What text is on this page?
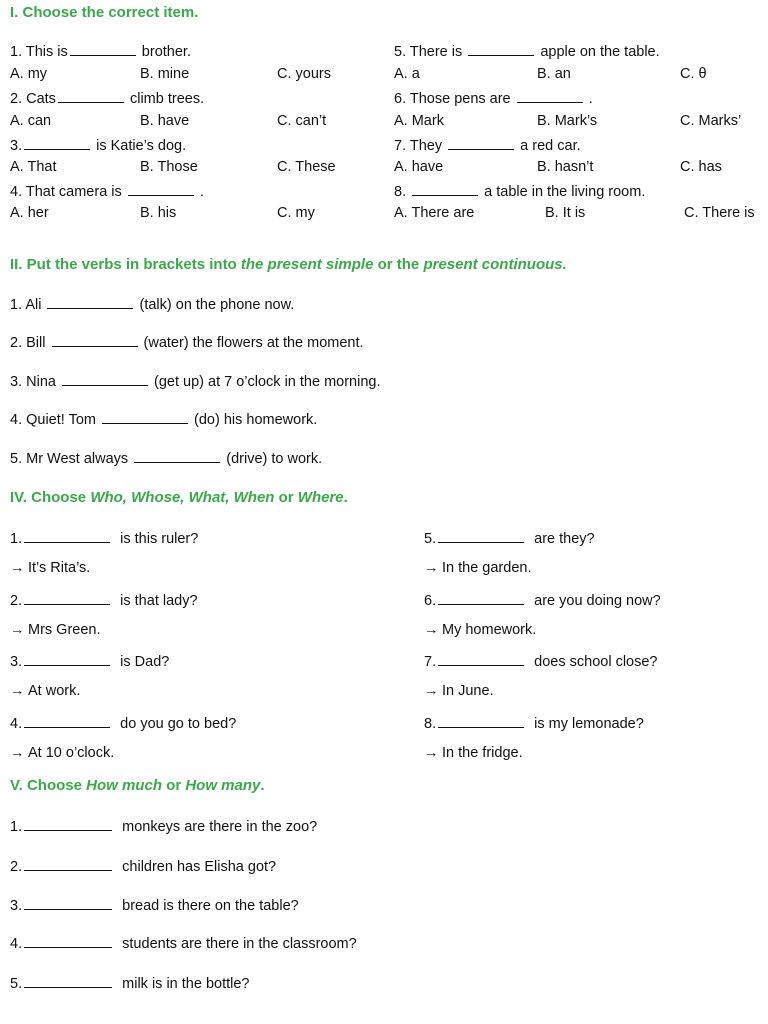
I. Choose the correct item.
1. This is	brother.
A. my	B. mine	C. yours
2. Cats	climb trees.
A. can	B. have	C. can’t
3.	is Katie’s dog.
A. That	B. Those	C. These
4. That camera is	.
A. her	B. his	C. my
5. There is	apple on the table.
A. a	B. an	C. θ
6. Those pens are	.
A. Mark	B. Mark’s	C. Marks’
7. They	a red car.
A. have	B. hasn’t	C. has
8.	a table in the living room.
A. There are	B. It is	C. There is
II. Put the verbs in brackets into the present simple or the present continuous.
1. Ali	(talk) on the phone now.
2. Bill	(water) the flowers at the moment.
3. Nina	(get up) at 7 o’clock in the morning.
4. Quiet! Tom	(do) his homework.
5. Mr West always	(drive) to work.
IV. Choose Who, Whose, What, When or Where.
1.	is this ruler?
→ It’s Rita’s.
2.	is that lady?
→ Mrs Green.
3.	is Dad?
→ At work.
4.	do you go to bed?
→ At 10 o’clock.
5.	are they?
→ In the garden.
6.	are you doing now?
→ My homework.
7.	does school close?
→ In June.
8.	is my lemonade?
→ In the fridge.
V. Choose How much or How many.
1.	monkeys are there in the zoo?
2.	children has Elisha got?
3.	bread is there on the table?
4.	students are there in the classroom?
5.	milk is in the bottle?
